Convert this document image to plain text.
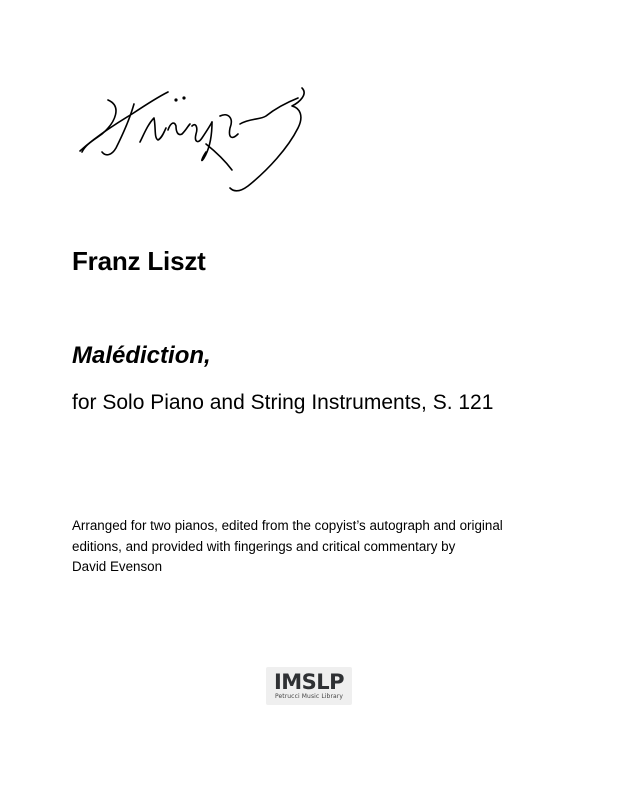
Franz Liszt
Malédiction,
for Solo Piano and String Instruments, S. 121
Arranged for two pianos, edited from the copyist’s autograph and original
editions, and provided with fingerings and critical commentary by
David Evenson
IMSLP
Petrucci Music Library
